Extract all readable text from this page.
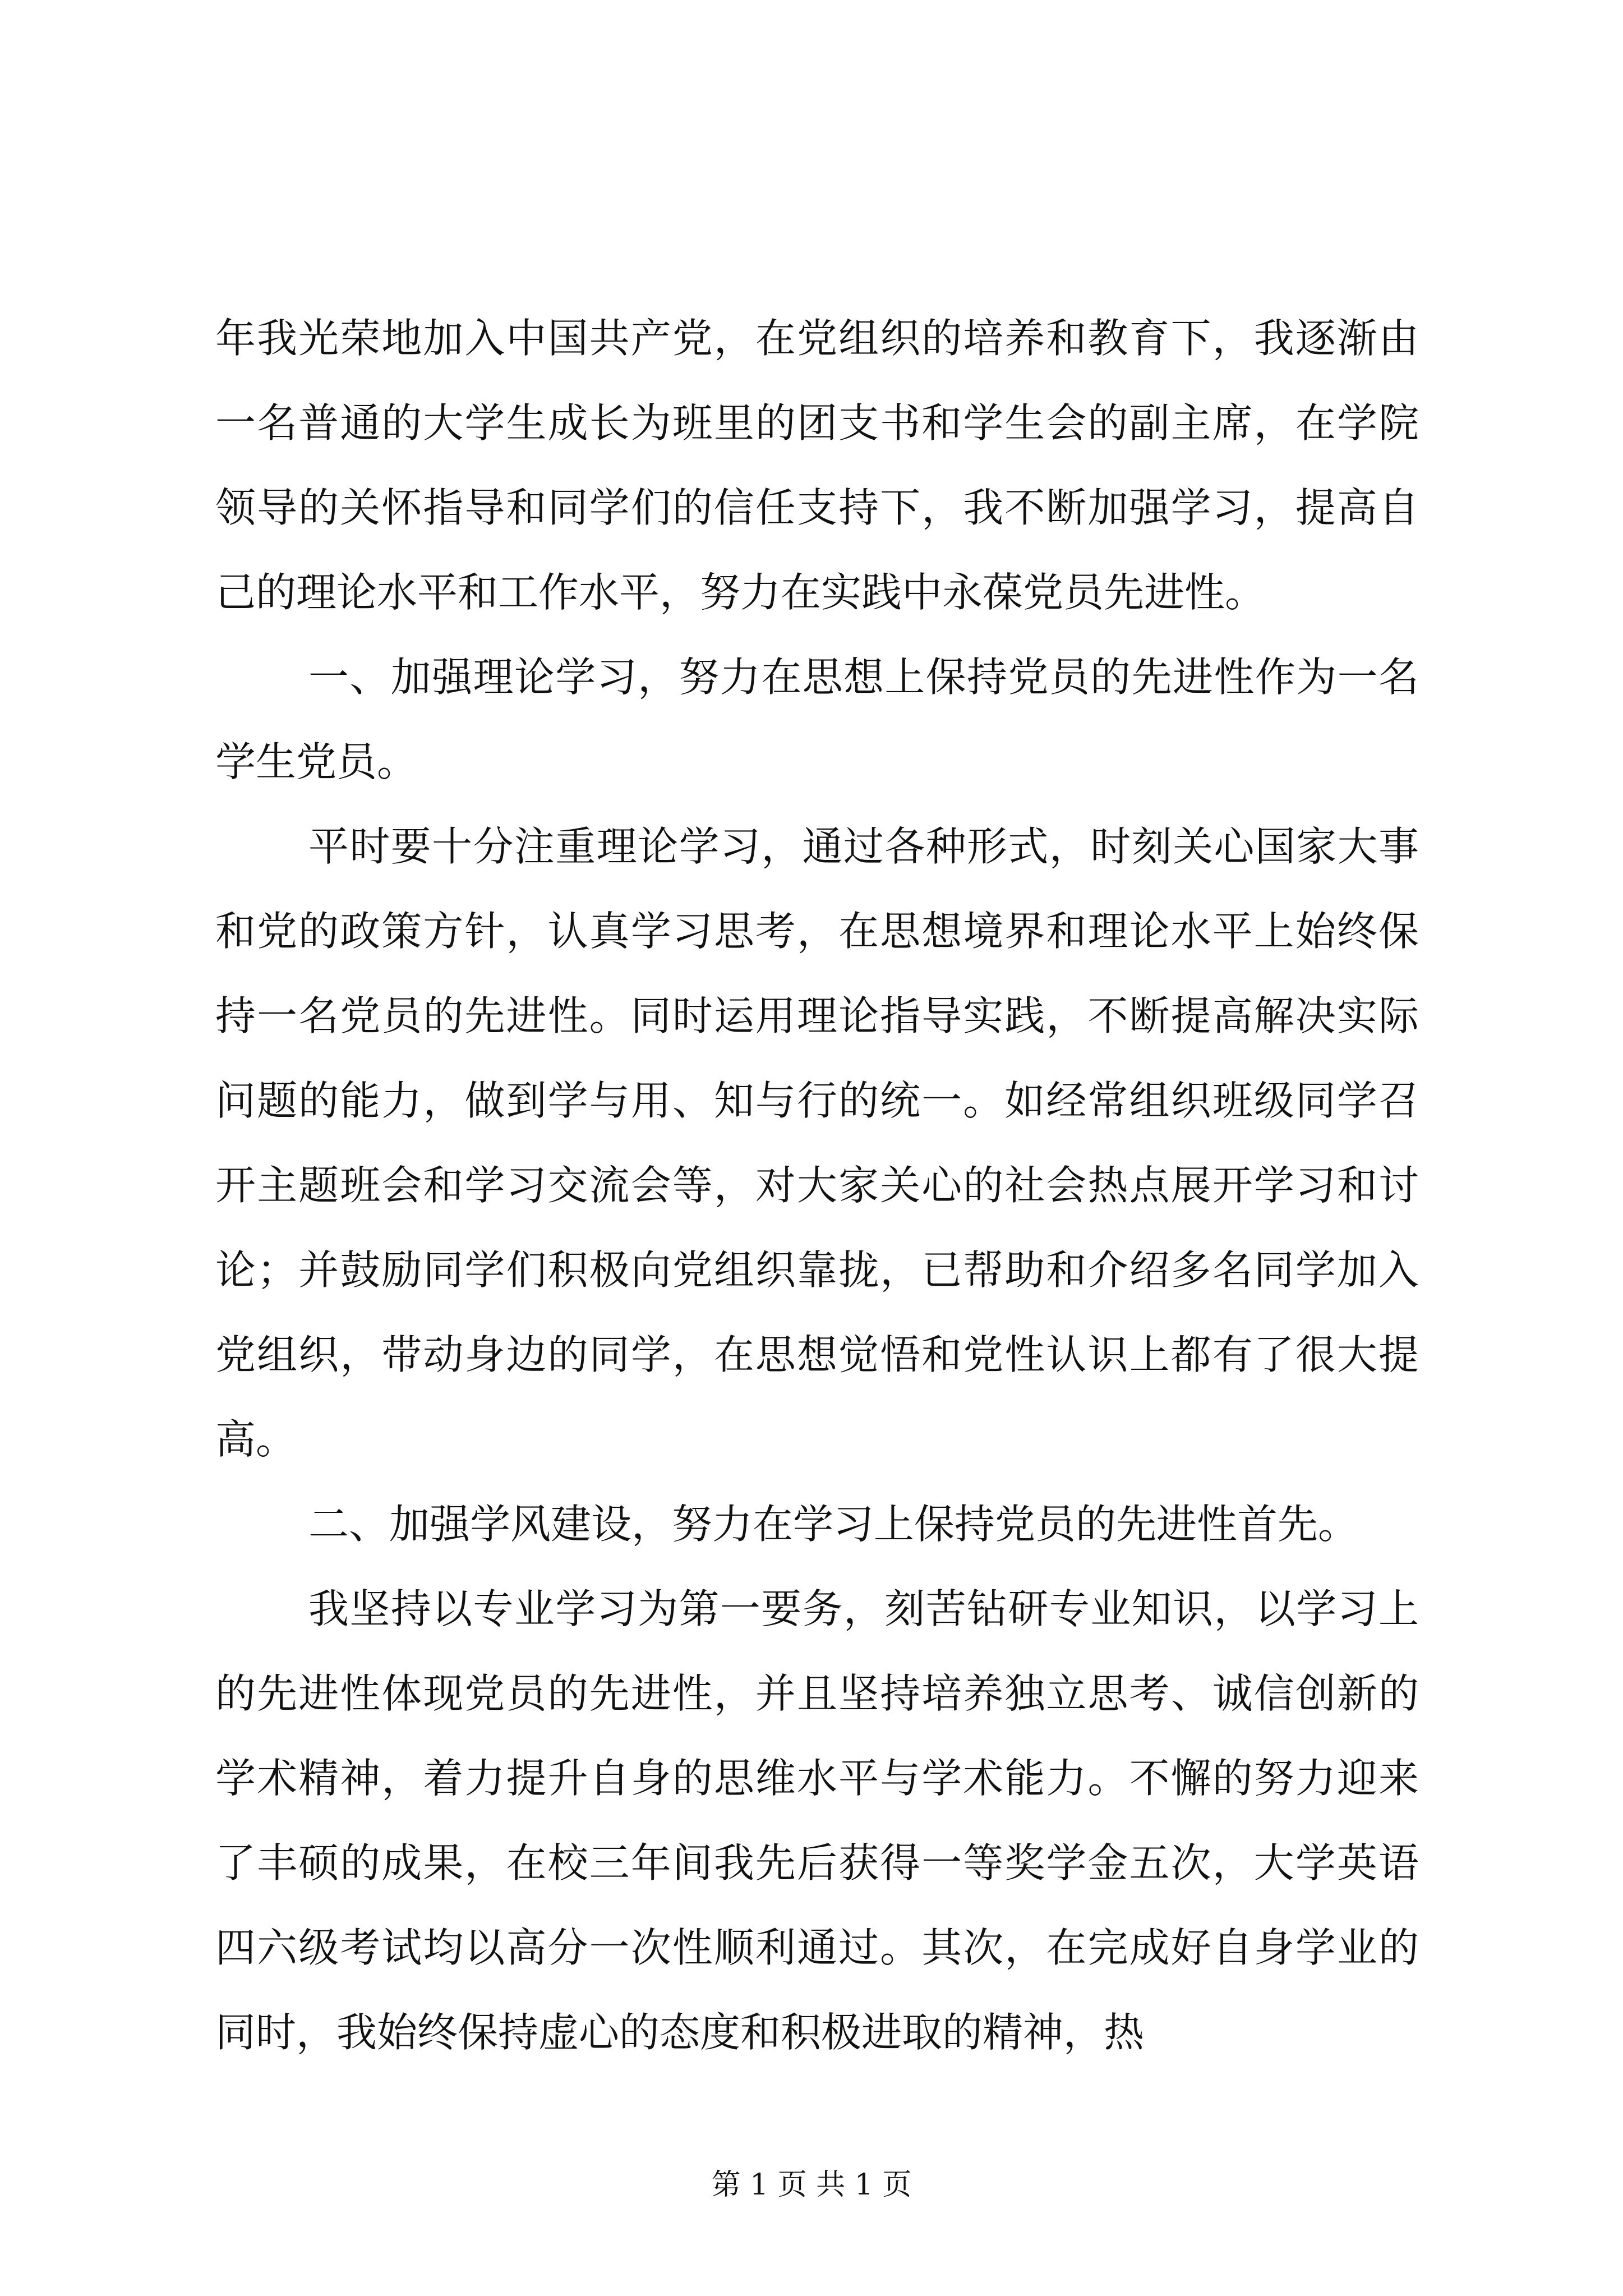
年我光荣地加入中国共产党，在党组织的培养和教育下，我逐渐由一名普通的大学生成长为班里的团支书和学生会的副主席，在学院领导的关怀指导和同学们的信任支持下，我不断加强学习，提高自己的理论水平和工作水平，努力在实践中永葆党员先进性。

一、加强理论学习，努力在思想上保持党员的先进性作为一名学生党员。

平时要十分注重理论学习，通过各种形式，时刻关心国家大事和党的政策方针，认真学习思考，在思想境界和理论水平上始终保持一名党员的先进性。同时运用理论指导实践，不断提高解决实际问题的能力，做到学与用、知与行的统一。如经常组织班级同学召开主题班会和学习交流会等，对大家关心的社会热点展开学习和讨论；并鼓励同学们积极向党组织靠拢，已帮助和介绍多名同学加入党组织，带动身边的同学，在思想觉悟和党性认识上都有了很大提高。

二、加强学风建设，努力在学习上保持党员的先进性首先。

我坚持以专业学习为第一要务，刻苦钻研专业知识，以学习上的先进性体现党员的先进性，并且坚持培养独立思考、诚信创新的学术精神，着力提升自身的思维水平与学术能力。不懈的努力迎来了丰硕的成果，在校三年间我先后获得一等奖学金五次，大学英语四六级考试均以高分一次性顺利通过。其次，在完成好自身学业的同时，我始终保持虚心的态度和积极进取的精神，热

第 1 页 共 1 页
